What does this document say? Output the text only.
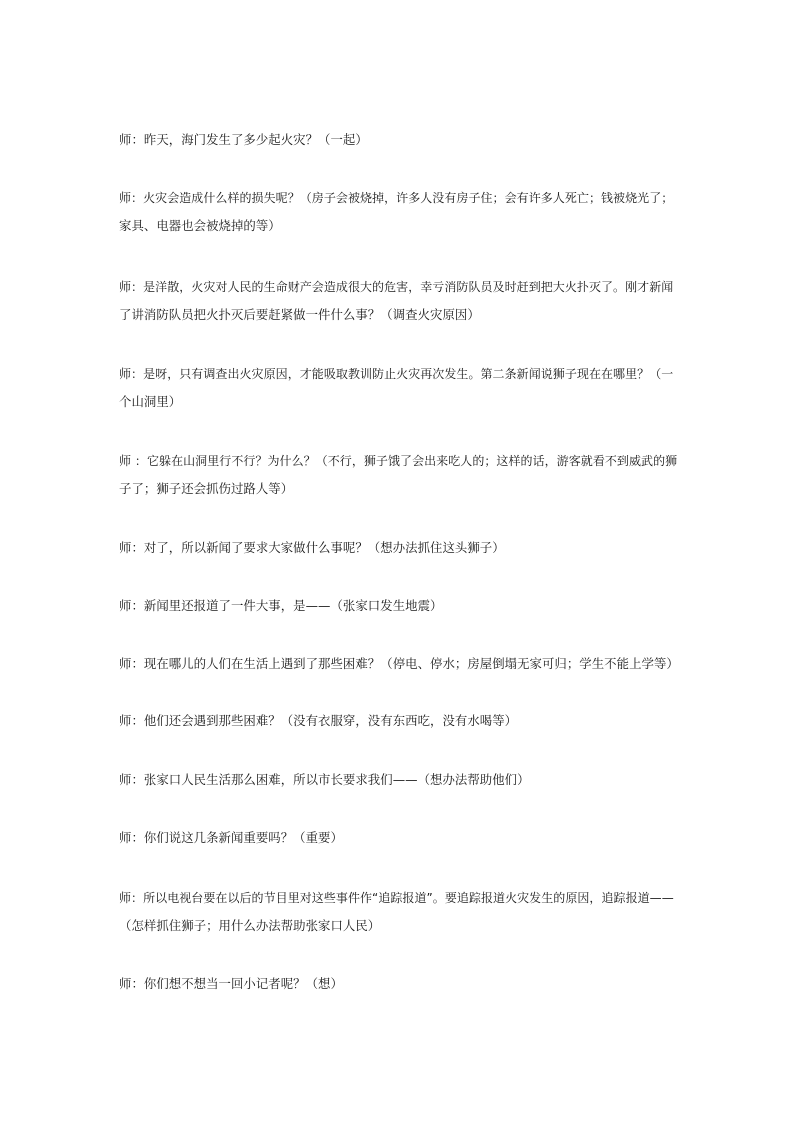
师：昨天，海门发生了多少起火灾？（一起）
师：火灾会造成什么样的损失呢？（房子会被烧掉，许多人没有房子住；会有许多人死亡；钱被烧光了；
家具、电器也会被烧掉的等）
师：是洋散，火灾对人民的生命财产会造成很大的危害，幸亏消防队员及时赶到把大火扑灭了。刚才新闻
了讲消防队员把火扑灭后要赶紧做一件什么事？（调查火灾原因）
师：是呀，只有调查出火灾原因，才能吸取教训防止火灾再次发生。第二条新闻说狮子现在在哪里？（一
个山洞里）
师 ：它躲在山洞里行不行？为什么？（不行，狮子饿了会出来吃人的；这样的话，游客就看不到威武的狮
子了；狮子还会抓伤过路人等）
师：对了，所以新闻了要求大家做什么事呢？（想办法抓住这头狮子）
师：新闻里还报道了一件大事，是——（张家口发生地震）
师：现在哪儿的人们在生活上遇到了那些困难？（停电、停水；房屋倒塌无家可归；学生不能上学等）
师：他们还会遇到那些困难？（没有衣服穿，没有东西吃，没有水喝等）
师：张家口人民生活那么困难，所以市长要求我们——（想办法帮助他们）
师：你们说这几条新闻重要吗？（重要）
师：所以电视台要在以后的节目里对这些事件作“追踪报道”。要追踪报道火灾发生的原因，追踪报道——
（怎样抓住狮子；用什么办法帮助张家口人民）
师：你们想不想当一回小记者呢？（想）
